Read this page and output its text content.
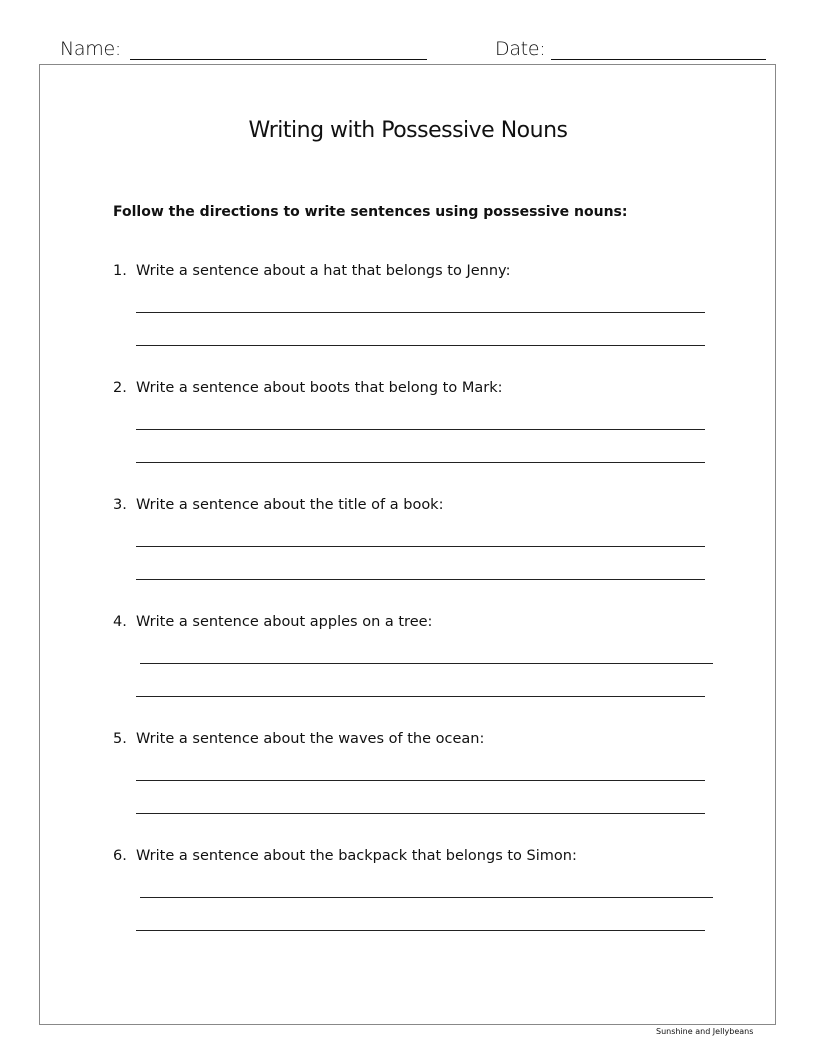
Name:	Date:
Writing with Possessive Nouns
Follow the directions to write sentences using possessive nouns:
1. Write a sentence about a hat that belongs to Jenny:
2. Write a sentence about boots that belong to Mark:
3. Write a sentence about the title of a book:
4. Write a sentence about apples on a tree:
5. Write a sentence about the waves of the ocean:
6. Write a sentence about the backpack that belongs to Simon:
Sunshine and Jellybeans
